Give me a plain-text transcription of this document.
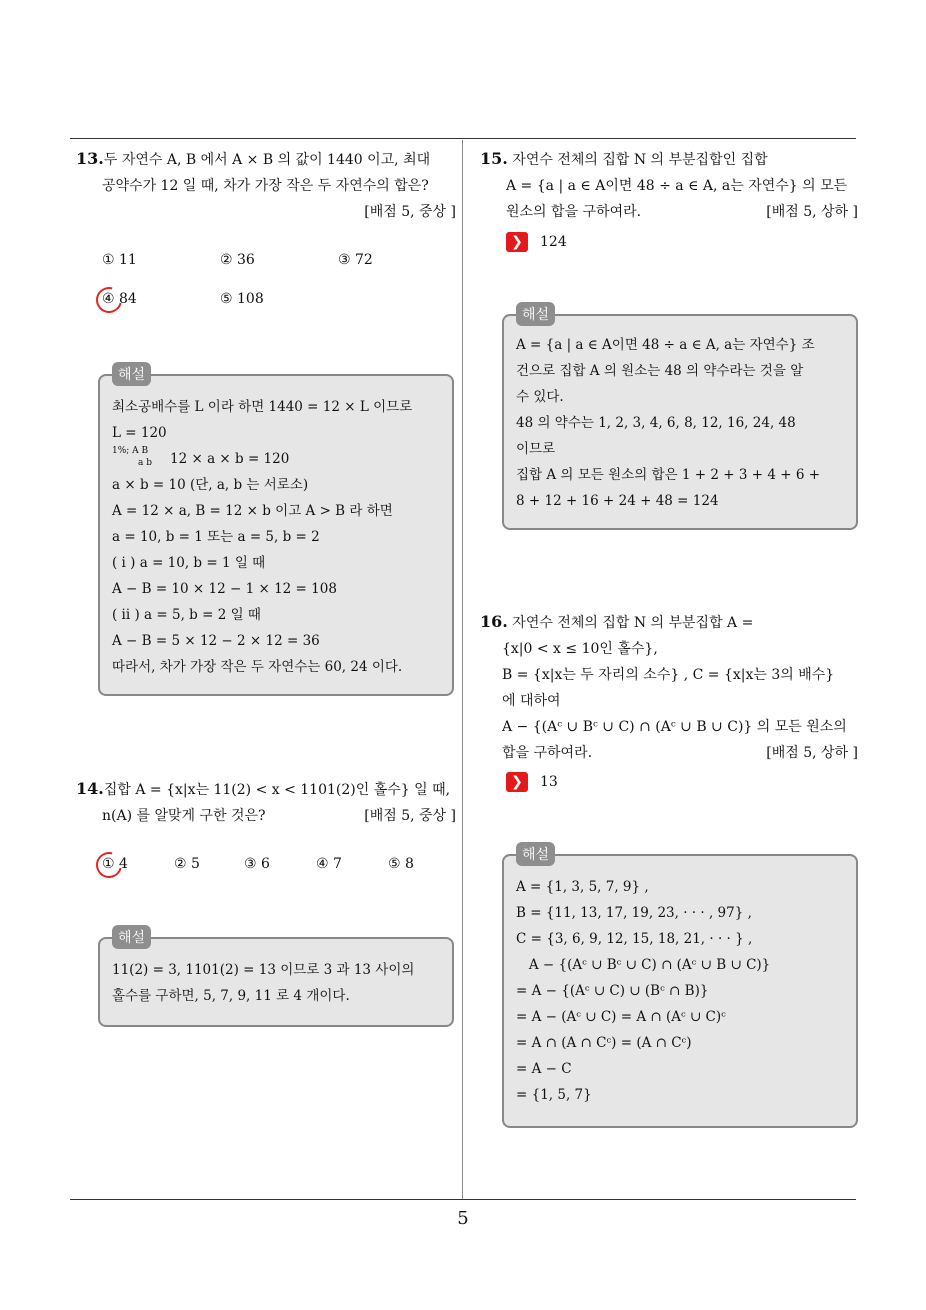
13.두 자연수 A, B 에서 A × B 의 값이 1440 이고, 최대
공약수가 12 일 때, 차가 가장 작은 두 자연수의 합은?
[배점 5, 중상 ]
① 11	② 36	③ 72
④ 84	⑤ 108
해설
최소공배수를 L 이라 하면 1440 = 12 × L 이므로
L = 120
1%; A B
a b 12 × a × b = 120
a × b = 10 (단, a, b 는 서로소)
A = 12 × a, B = 12 × b 이고 A > B 라 하면
a = 10, b = 1 또는 a = 5, b = 2
( i ) a = 10, b = 1 일 때
A − B = 10 × 12 − 1 × 12 = 108
( ii ) a = 5, b = 2 일 때
A − B = 5 × 12 − 2 × 12 = 36
따라서, 차가 가장 작은 두 자연수는 60, 24 이다.
14.집합 A = {x|x는 11(2) < x < 1101(2)인 홀수} 일 때,
n(A) 를 알맞게 구한 것은?	[배점 5, 중상 ]
① 4	② 5	③ 6	④ 7	⑤ 8
해설
11(2) = 3, 1101(2) = 13 이므로 3 과 13 사이의
홀수를 구하면, 5, 7, 9, 11 로 4 개이다.
15. 자연수 전체의 집합 N 의 부분집합인 집합
A = {a | a ∈ A이면 48 ÷ a ∈ A, a는 자연수} 의 모든
원소의 합을 구하여라.	[배점 5, 상하 ]
❯ 124
해설
A = {a | a ∈ A이면 48 ÷ a ∈ A, a는 자연수} 조
건으로 집합 A 의 원소는 48 의 약수라는 것을 알
수 있다.
48 의 약수는 1, 2, 3, 4, 6, 8, 12, 16, 24, 48
이므로
집합 A 의 모든 원소의 합은 1 + 2 + 3 + 4 + 6 +
8 + 12 + 16 + 24 + 48 = 124
16. 자연수 전체의 집합 N 의 부분집합 A =
{x|0 < x ≤ 10인 홀수},
B = {x|x는 두 자리의 소수} , C = {x|x는 3의 배수}
에 대하여
A − {(Aᶜ ∪ Bᶜ ∪ C) ∩ (Aᶜ ∪ B ∪ C)} 의 모든 원소의
합을 구하여라.	[배점 5, 상하 ]
❯ 13
해설
A = {1, 3, 5, 7, 9} ,
B = {11, 13, 17, 19, 23, · · · , 97} ,
C = {3, 6, 9, 12, 15, 18, 21, · · · } ,
A − {(Aᶜ ∪ Bᶜ ∪ C) ∩ (Aᶜ ∪ B ∪ C)}
= A − {(Aᶜ ∪ C) ∪ (Bᶜ ∩ B)}
= A − (Aᶜ ∪ C) = A ∩ (Aᶜ ∪ C)ᶜ
= A ∩ (A ∩ Cᶜ) = (A ∩ Cᶜ)
= A − C
= {1, 5, 7}
5
